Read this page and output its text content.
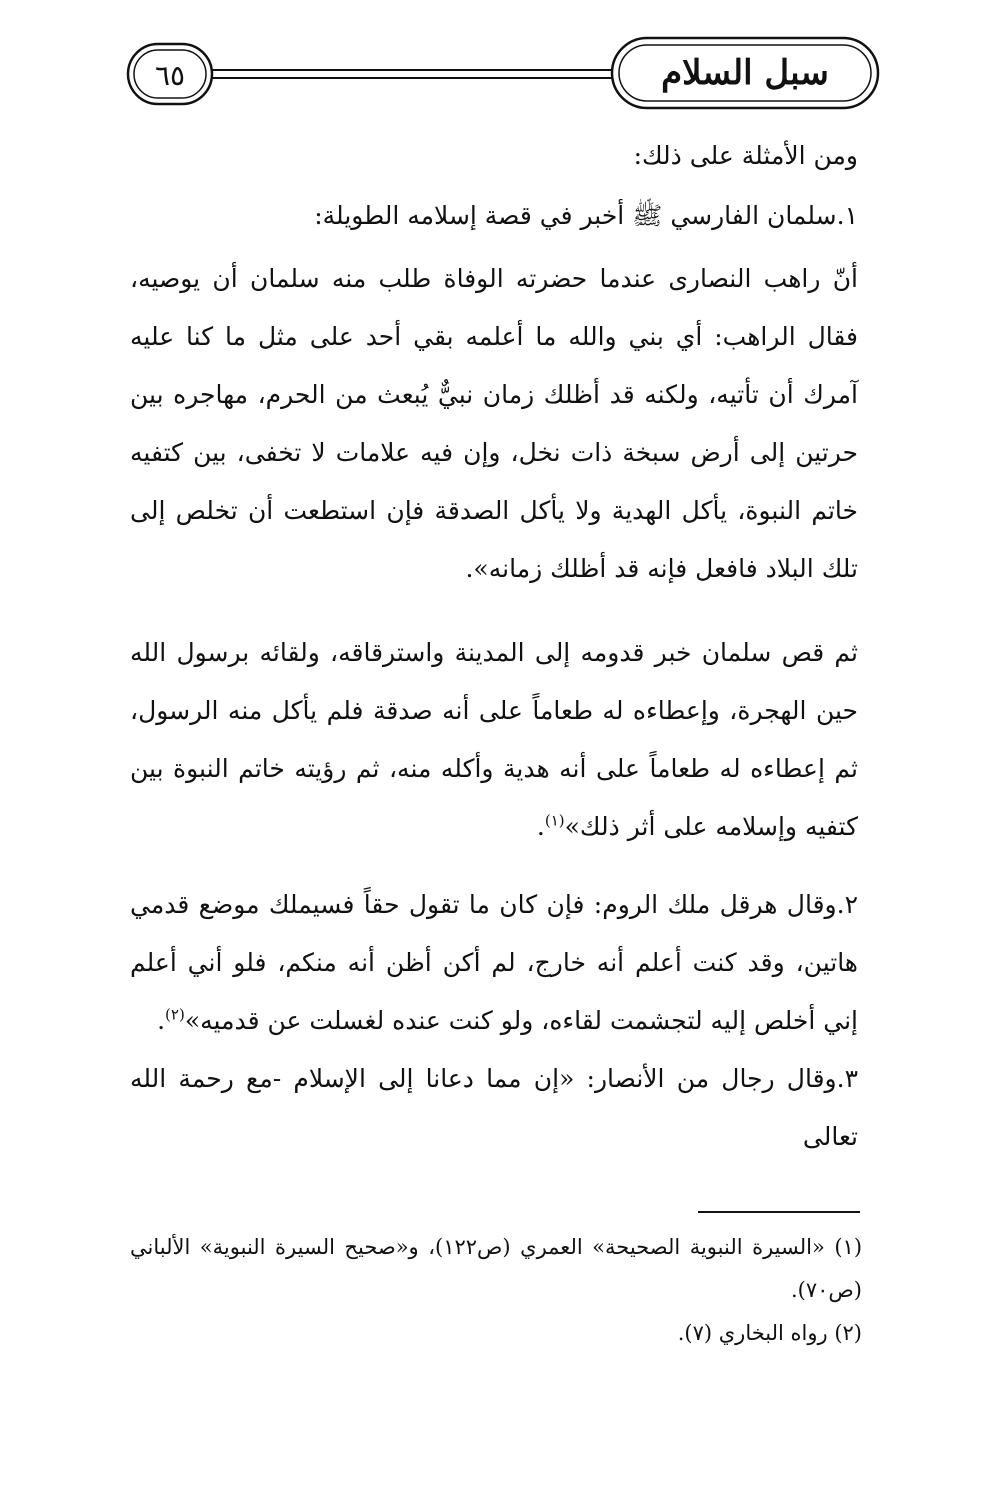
سبل السلام
٦٥

ومن الأمثلة على ذلك:

١.سلمان الفارسي ﷺ أخبر في قصة إسلامه الطويلة:

أنّ راهب النصارى عندما حضرته الوفاة طلب منه سلمان أن يوصيه، فقال الراهب: أي بني والله ما أعلمه بقي أحد على مثل ما كنا عليه آمرك أن تأتيه، ولكنه قد أظلك زمان نبيٌّ يُبعث من الحرم، مهاجره بين حرتين إلى أرض سبخة ذات نخل، وإن فيه علامات لا تخفى، بين كتفيه خاتم النبوة، يأكل الهدية ولا يأكل الصدقة فإن استطعت أن تخلص إلى تلك البلاد فافعل فإنه قد أظلك زمانه».

ثم قص سلمان خبر قدومه إلى المدينة واسترقاقه، ولقائه برسول الله حين الهجرة، وإعطاءه له طعاماً على أنه صدقة فلم يأكل منه الرسول، ثم إعطاءه له طعاماً على أنه هدية وأكله منه، ثم رؤيته خاتم النبوة بين كتفيه وإسلامه على أثر ذلك»$^{(١)}$.

٢.وقال هرقل ملك الروم: فإن كان ما تقول حقاً فسيملك موضع قدمي هاتين، وقد كنت أعلم أنه خارج، لم أكن أظن أنه منكم، فلو أني أعلم إني أخلص إليه لتجشمت لقاءه، ولو كنت عنده لغسلت عن قدميه»$^{(٢)}$.

٣.وقال رجال من الأنصار: «إن مما دعانا إلى الإسلام -مع رحمة الله تعالى

(١) «السيرة النبوية الصحيحة» العمري (ص١٢٢)، و«صحيح السيرة النبوية» الألباني (ص٧٠).

(٢) رواه البخاري (٧).
